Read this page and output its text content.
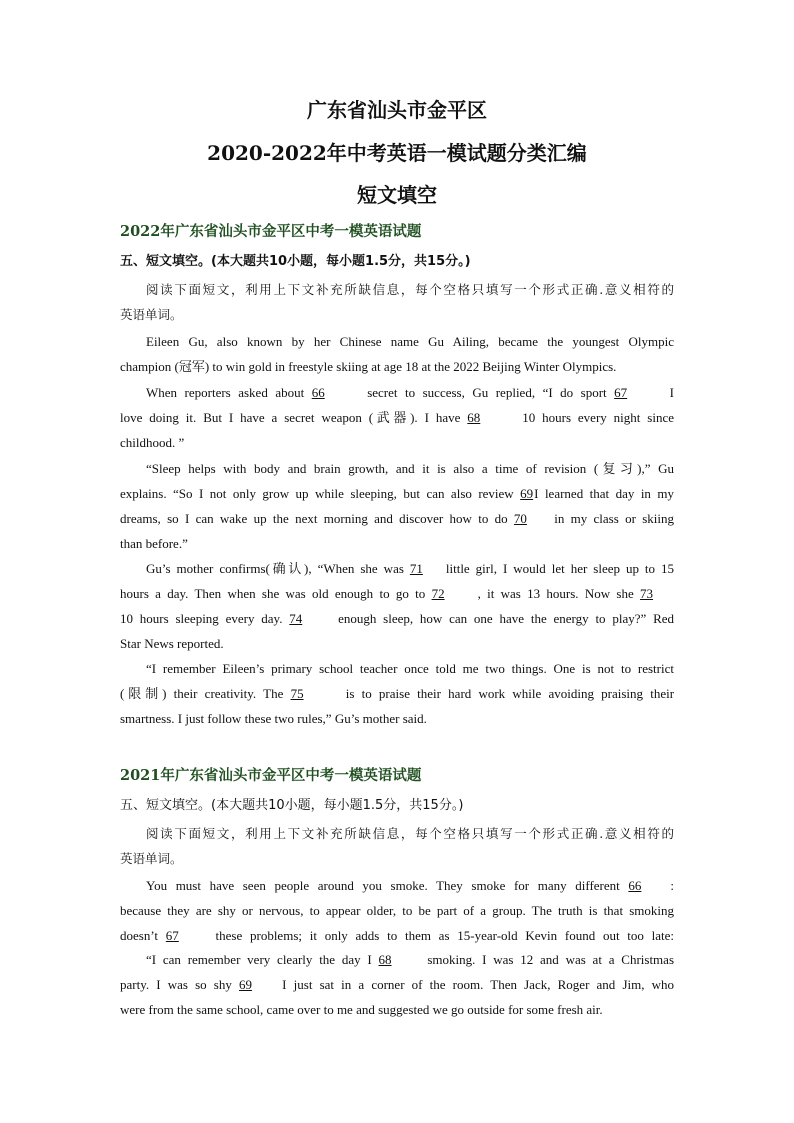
广东省汕头市金平区
2020-2022年中考英语一模试题分类汇编
短文填空
2022年广东省汕头市金平区中考一模英语试题
五、短文填空。(本大题共10小题，每小题1.5分，共15分。)
阅读下面短文，利用上下文补充所缺信息，每个空格只填写一个形式正确.意义相符的
英语单词。
Eileen Gu, also known by her Chinese name Gu Ailing, became the youngest Olympic
champion (冠军) to win gold in freestyle skiing at age 18 at the 2022 Beijing Winter Olympics.
When reporters asked about 66	secret to success, Gu replied, “I do sport 67	I
love doing it. But I have a secret weapon (武器). I have 68	10 hours every night since
childhood. ”
“Sleep helps with body and brain growth, and it is also a time of revision (复习),” Gu
explains. “So I not only grow up while sleeping, but can also review 69I learned that day in my
dreams, so I can wake up the next morning and discover how to do 70 in my class or skiing
than before.”
Gu’s mother confirms(确认), “When she was 71 little girl, I would let her sleep up to 15
hours a day. Then when she was old enough to go to 72	, it was 13 hours. Now she 73
10 hours sleeping every day. 74	enough sleep, how can one have the energy to play?” Red
Star News reported.
“I remember Eileen’s primary school teacher once told me two things. One is not to restrict
(限制) their creativity. The 75	is to praise their hard work while avoiding praising their
smartness. I just follow these two rules,” Gu’s mother said.
2021年广东省汕头市金平区中考一模英语试题
五、短文填空。(本大题共10小题，每小题1.5分，共15分。)
阅读下面短文，利用上下文补充所缺信息，每个空格只填写一个形式正确.意义相符的
英语单词。
You must have seen people around you smoke. They smoke for many different 66 :
because they are shy or nervous, to appear older, to be part of a group. The truth is that smoking
doesn’t 67	these problems; it only adds to them as 15-year-old Kevin found out too late:
“I can remember very clearly the day I 68	smoking. I was 12 and was at a Christmas
party. I was so shy 69 I just sat in a corner of the room. Then Jack, Roger and Jim, who
were from the same school, came over to me and suggested we go outside for some fresh air.
